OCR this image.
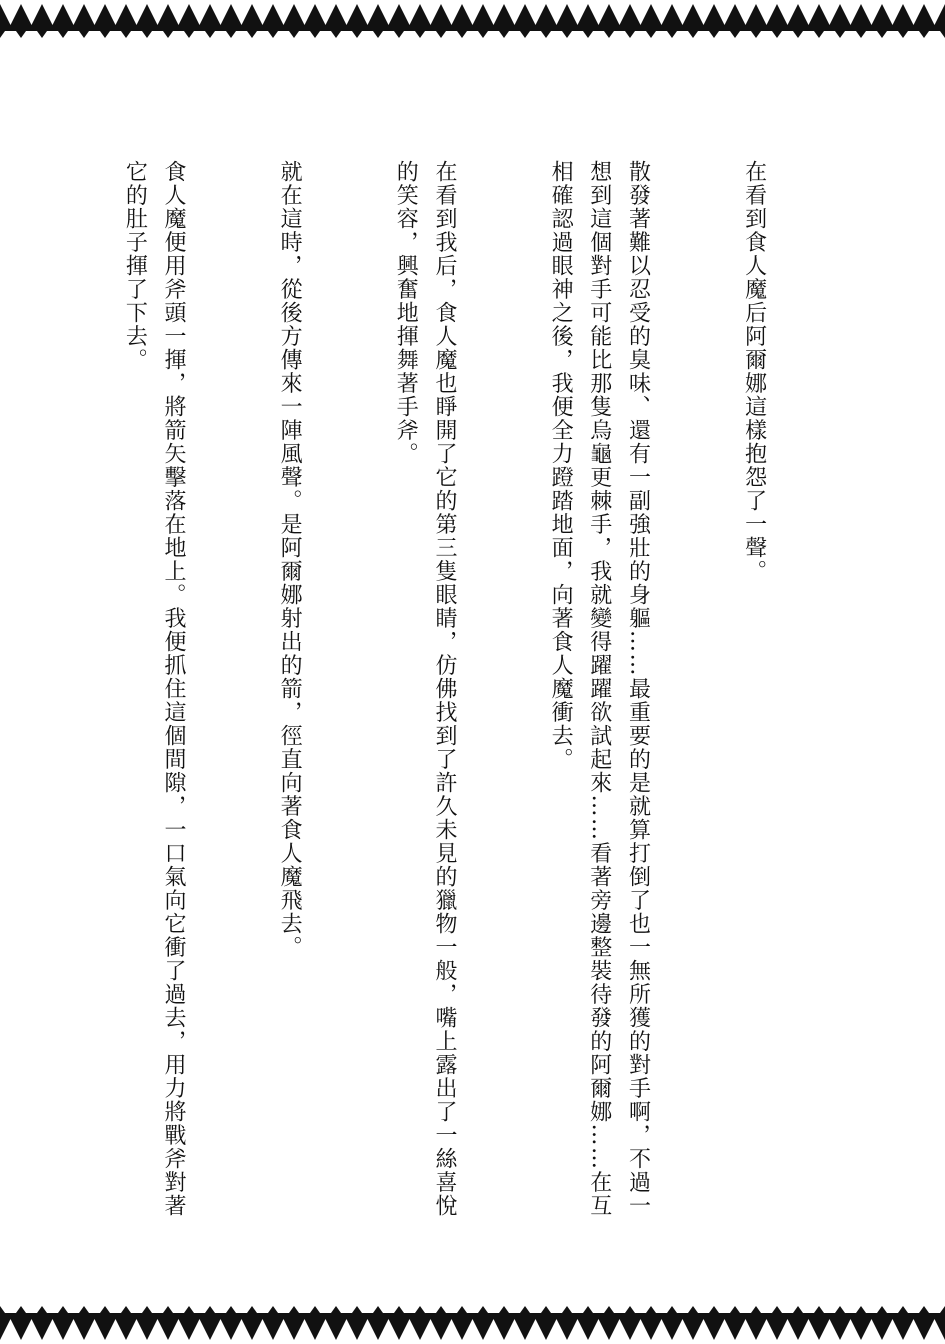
在看到食人魔后阿爾娜這樣抱怨了一聲。

散發著難以忍受的臭味、還有一副強壯的身軀……最重要的是就算打倒了也一無所獲的對手啊，不過一想到這個對手可能比那隻烏龜更棘手，我就變得躍躍欲試起來……看著旁邊整裝待發的阿爾娜……在互相確認過眼神之後，我便全力蹬踏地面，向著食人魔衝去。

在看到我后，食人魔也睜開了它的第三隻眼睛，仿佛找到了許久未見的獵物一般，嘴上露出了一絲喜悅的笑容，興奮地揮舞著手斧。

就在這時，從後方傳來一陣風聲。是阿爾娜射出的箭，徑直向著食人魔飛去。

食人魔便用斧頭一揮，將箭矢擊落在地上。我便抓住這個間隙，一口氣向它衝了過去，用力將戰斧對著它的肚子揮了下去。
